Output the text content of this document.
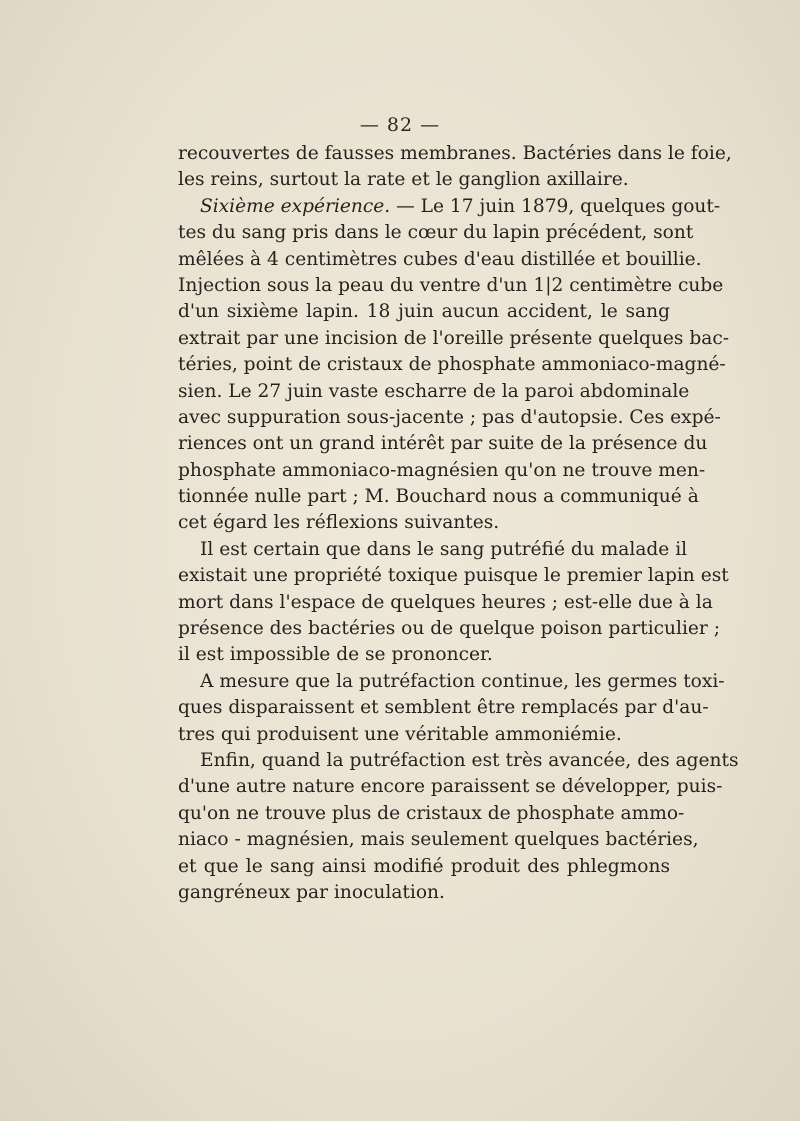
— 82 —
recouvertes de fausses membranes. Bactéries dans le foie,
les reins, surtout la rate et le ganglion axillaire.
Sixième expérience. — Le 17 juin 1879, quelques gout-
tes du sang pris dans le cœur du lapin précédent, sont
mêlées à 4 centimètres cubes d'eau distillée et bouillie.
Injection sous la peau du ventre d'un 1|2 centimètre cube
d'un sixième lapin. 18 juin aucun accident, le sang
extrait par une incision de l'oreille présente quelques bac-
téries, point de cristaux de phosphate ammoniaco-magné-
sien. Le 27 juin vaste escharre de la paroi abdominale
avec suppuration sous-jacente ; pas d'autopsie. Ces expé-
riences ont un grand intérêt par suite de la présence du
phosphate ammoniaco-magnésien qu'on ne trouve men-
tionnée nulle part ; M. Bouchard nous a communiqué à
cet égard les réflexions suivantes.
Il est certain que dans le sang putréfié du malade il
existait une propriété toxique puisque le premier lapin est
mort dans l'espace de quelques heures ; est-elle due à la
présence des bactéries ou de quelque poison particulier ;
il est impossible de se prononcer.
A mesure que la putréfaction continue, les germes toxi-
ques disparaissent et semblent être remplacés par d'au-
tres qui produisent une véritable ammoniémie.
Enfin, quand la putréfaction est très avancée, des agents
d'une autre nature encore paraissent se développer, puis-
qu'on ne trouve plus de cristaux de phosphate ammo-
niaco - magnésien, mais seulement quelques bactéries,
et que le sang ainsi modifié produit des phlegmons
gangréneux par inoculation.
